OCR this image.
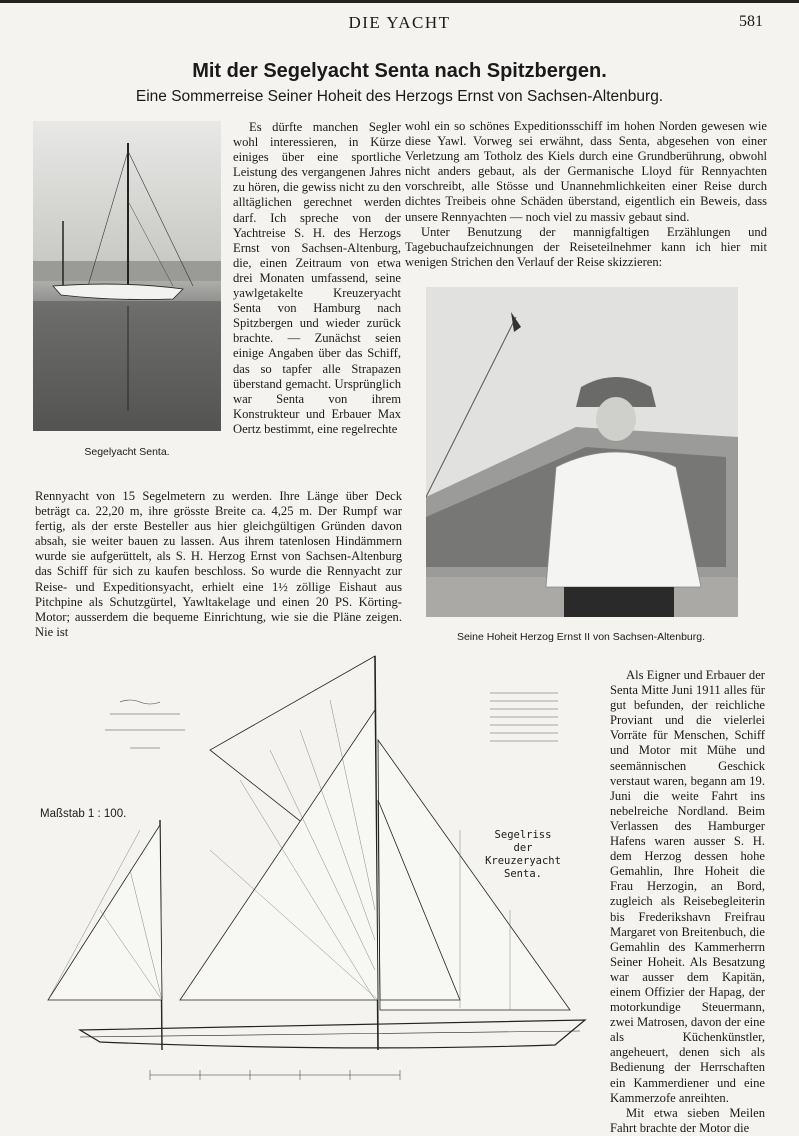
DIE YACHT	581
Mit der Segelyacht Senta nach Spitzbergen.
Eine Sommerreise Seiner Hoheit des Herzogs Ernst von Sachsen-Altenburg.
Segelyacht Senta.

Es dürfte manchen Segler wohl interessieren, in Kürze einiges über eine sportliche Leistung des vergangenen Jahres zu hören, die gewiss nicht zu den alltäglichen gerechnet werden darf. Ich spreche von der Yachtreise S. H. des Herzogs Ernst von Sachsen-Altenburg, die, einen Zeitraum von etwa drei Monaten umfassend, seine yawlgetakelte Kreuzeryacht Senta von Hamburg nach Spitzbergen und wieder zurück brachte. — Zunächst seien einige Angaben über das Schiff, das so tapfer alle Strapazen überstand gemacht. Ursprünglich war Senta von ihrem Konstrukteur und Erbauer Max Oertz bestimmt, eine regelrechte

Rennyacht von 15 Segelmetern zu werden. Ihre Länge über Deck beträgt ca. 22,20 m, ihre grösste Breite ca. 4,25 m. Der Rumpf war fertig, als der erste Besteller aus hier gleichgültigen Gründen davon absah, sie weiter bauen zu lassen. Aus ihrem tatenlosen Hindämmern wurde sie aufgerüttelt, als S. H. Herzog Ernst von Sachsen-Altenburg das Schiff für sich zu kaufen beschloss. So wurde die Rennyacht zur Reise- und Expeditionsyacht, erhielt eine 1½ zöllige Eishaut aus Pitchpine als Schutzgürtel, Yawltakelage und einen 20 PS. Körting-Motor; ausserdem die bequeme Einrichtung, wie sie die Pläne zeigen. Nie ist

wohl ein so schönes Expeditionsschiff im hohen Norden gewesen wie diese Yawl. Vorweg sei erwähnt, dass Senta, abgesehen von einer Verletzung am Totholz des Kiels durch eine Grundberührung, obwohl nicht anders gebaut, als der Germanische Lloyd für Rennyachten vorschreibt, alle Stösse und Unannehmlichkeiten einer Reise durch dichtes Treibeis ohne Schäden überstand, eigentlich ein Beweis, dass unsere Rennyachten — noch viel zu massiv gebaut sind.

Unter Benutzung der mannigfaltigen Erzählungen und Tagebuchaufzeichnungen der Reiseteilnehmer kann ich hier mit wenigen Strichen den Verlauf der Reise skizzieren:

Seine Hoheit Herzog Ernst II von Sachsen-Altenburg.
Maßstab 1 : 100.
Segelriss der Kreuzeryacht Senta.

Als Eigner und Erbauer der Senta Mitte Juni 1911 alles für gut befunden, der reichliche Proviant und die vielerlei Vorräte für Menschen, Schiff und Motor mit Mühe und seemännischen Geschick verstaut waren, begann am 19. Juni die weite Fahrt ins nebelreiche Nordland. Beim Verlassen des Hamburger Hafens waren ausser S. H. dem Herzog dessen hohe Gemahlin, Ihre Hoheit die Frau Herzogin, an Bord, zugleich als Reisebegleiterin bis Frederikshavn Freifrau Margaret von Breitenbuch, die Gemahlin des Kammerherrn Seiner Hoheit. Als Besatzung war ausser dem Kapitän, einem Offizier der Hapag, der motorkundige Steuermann, zwei Matrosen, davon der eine als Küchenkünstler, angeheuert, denen sich als Bedienung der Herrschaften ein Kammerdiener und eine Kammerzofe anreihten.

Mit etwa sieben Meilen Fahrt brachte der Motor die
